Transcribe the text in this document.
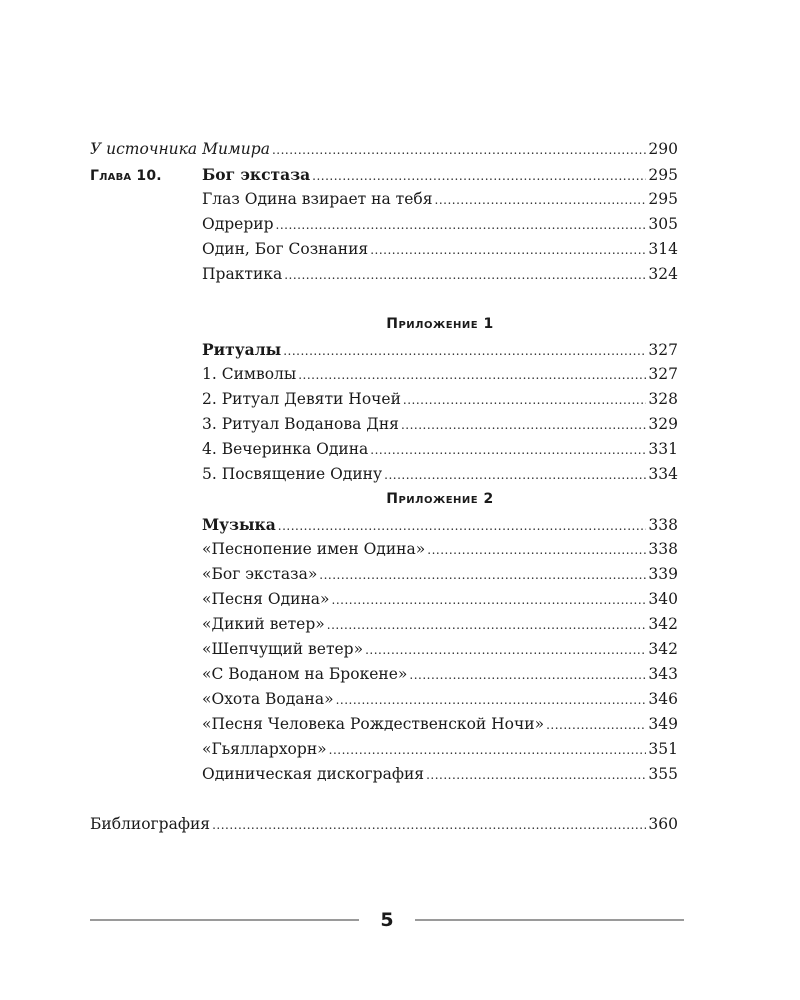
У источника Мимира .....	290
Глава 10.	Бог экстаза .....	295
Глаз Одина взирает на тебя .....	295
Одрерир .....	305
Один, Бог Сознания .....	314
Практика .....	324
Приложение 1
Ритуалы .....	327
1. Символы .....	327
2. Ритуал Девяти Ночей .....	328
3. Ритуал Воданова Дня .....	329
4. Вечеринка Одина .....	331
5. Посвящение Одину .....	334
Приложение 2
Музыка .....	338
«Песнопение имен Одина» .....	338
«Бог экстаза» .....	339
«Песня Одина» .....	340
«Дикий ветер» .....	342
«Шепчущий ветер» .....	342
«С Воданом на Брокене» .....	343
«Охота Водана» .....	346
«Песня Человека Рождественской Ночи» .....	349
«Гьяллархорн» .....	351
Одиническая дискография .....	355
Библиография .....	360
5
